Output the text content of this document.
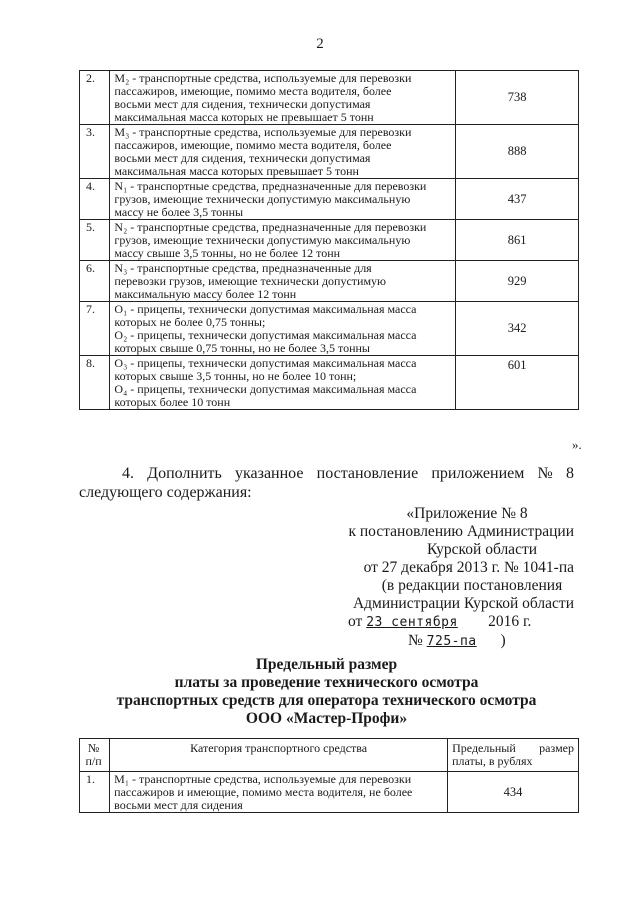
2
2.	M₂ - транспортные средства, используемые для перевозки
пассажиров, имеющие, помимо места водителя, более
восьми мест для сидения, технически допустимая
максимальная масса которых не превышает 5 тонн	738
3.	M₃ - транспортные средства, используемые для перевозки
пассажиров, имеющие, помимо места водителя, более
восьми мест для сидения, технически допустимая
максимальная масса которых превышает 5 тонн	888
4.	N₁ - транспортные средства, предназначенные для перевозки
грузов, имеющие технически допустимую максимальную
массу не более 3,5 тонны	437
5.	N₂ - транспортные средства, предназначенные для перевозки
грузов, имеющие технически допустимую максимальную
массу свыше 3,5 тонны, но не более 12 тонн	861
6.	N₃ - транспортные средства, предназначенные для
перевозки грузов, имеющие технически допустимую
максимальную массу более 12 тонн	929
7.	O₁ - прицепы, технически допустимая максимальная масса
которых не более 0,75 тонны;
O₂ - прицепы, технически допустимая максимальная масса
которых свыше 0,75 тонны, но не более 3,5 тонны	342
8.	O₃ - прицепы, технически допустимая максимальная масса
которых свыше 3,5 тонны, но не более 10 тонн;
O₄ - прицепы, технически допустимая максимальная масса
которых более 10 тонн	601
».
4. Дополнить указанное постановление приложением № 8
следующего содержания:
«Приложение № 8
к постановлению Администрации
Курской области
от 27 декабря 2013 г. № 1041-па
(в редакции постановления
Администрации Курской области
от 23 сентября 2016 г.
№ 725-па )
Предельный размер
платы за проведение технического осмотра
транспортных средств для оператора технического осмотра
ООО «Мастер-Профи»
№ п/п	Категория транспортного средства	Предельный размер платы, в рублях
1.	M₁ - транспортные средства, используемые для перевозки
пассажиров и имеющие, помимо места водителя, не более
восьми мест для сидения	434
